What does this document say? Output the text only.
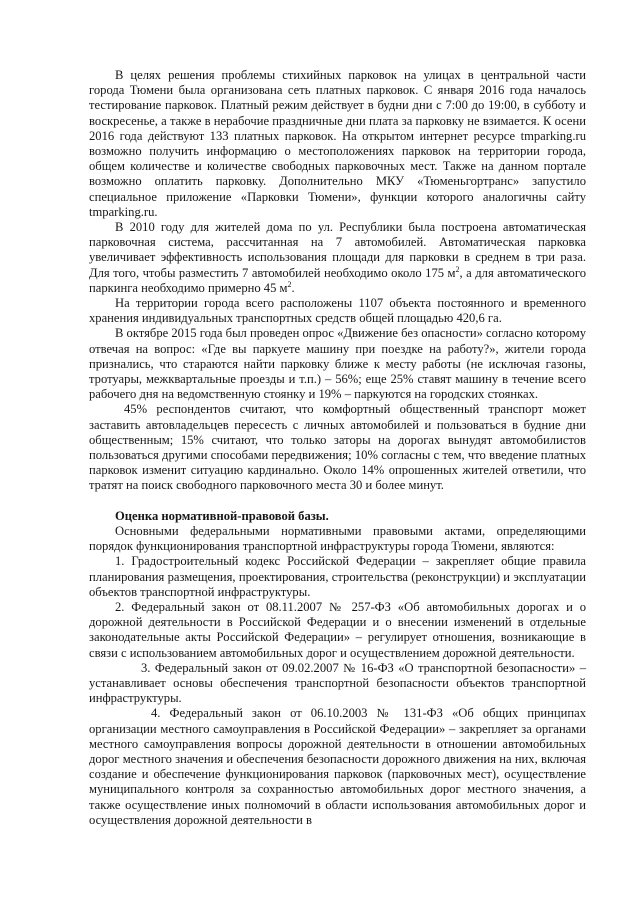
В целях решения проблемы стихийных парковок на улицах в центральной части города Тюмени была организована сеть платных парковок. С января 2016 года началось тестирование парковок. Платный режим действует в будни дни с 7:00 до 19:00, в субботу и воскресенье, а также в нерабочие праздничные дни плата за парковку не взимается. К осени 2016 года действуют 133 платных парковок. На открытом интернет ресурсе tmparking.ru возможно получить информацию о местоположениях парковок на территории города, общем количестве и количестве свободных парковочных мест. Также на данном портале возможно оплатить парковку. Дополнительно МКУ «Тюменьгортранс» запустило специальное приложение «Парковки Тюмени», функции которого аналогичны сайту tmparking.ru.

В 2010 году для жителей дома по ул. Республики была построена автоматическая парковочная система, рассчитанная на 7 автомобилей. Автоматическая парковка увеличивает эффективность использования площади для парковки в среднем в три раза. Для того, чтобы разместить 7 автомобилей необходимо около 175 $м^2$, а для автоматического паркинга необходимо примерно 45 $м^2$.

На территории города всего расположены 1107 объекта постоянного и временного хранения индивидуальных транспортных средств общей площадью 420,6 га.

В октябре 2015 года был проведен опрос «Движение без опасности» согласно которому отвечая на вопрос: «Где вы паркуете машину при поездке на работу?», жители города признались, что стараются найти парковку ближе к месту работы (не исключая газоны, тротуары, межквартальные проезды и т.п.) – 56%; еще 25% ставят машину в течение всего рабочего дня на ведомственную стоянку и 19% – паркуются на городских стоянках.

45% респондентов считают, что комфортный общественный транспорт может заставить автовладельцев пересесть с личных автомобилей и пользоваться в будние дни общественным; 15% считают, что только заторы на дорогах вынудят автомобилистов пользоваться другими способами передвижения; 10% согласны с тем, что введение платных парковок изменит ситуацию кардинально. Около 14% опрошенных жителей ответили, что тратят на поиск свободного парковочного места 30 и более минут.

Оценка нормативной-правовой базы.

Основными федеральными нормативными правовыми актами, определяющими порядок функционирования транспортной инфраструктуры города Тюмени, являются:

1. Градостроительный кодекс Российской Федерации – закрепляет общие правила планирования размещения, проектирования, строительства (реконструкции) и эксплуатации объектов транспортной инфраструктуры.

2. Федеральный закон от 08.11.2007 № 257-ФЗ «Об автомобильных дорогах и о дорожной деятельности в Российской Федерации и о внесении изменений в отдельные законодательные акты Российской Федерации» – регулирует отношения, возникающие в связи с использованием автомобильных дорог и осуществлением дорожной деятельности.

3. Федеральный закон от 09.02.2007 № 16-ФЗ «О транспортной безопасности» – устанавливает основы обеспечения транспортной безопасности объектов транспортной инфраструктуры.

4. Федеральный закон от 06.10.2003 № 131-ФЗ «Об общих принципах организации местного самоуправления в Российской Федерации» – закрепляет за органами местного самоуправления вопросы дорожной деятельности в отношении автомобильных дорог местного значения и обеспечения безопасности дорожного движения на них, включая создание и обеспечение функционирования парковок (парковочных мест), осуществление муниципального контроля за сохранностью автомобильных дорог местного значения, а также осуществление иных полномочий в области использования автомобильных дорог и осуществления дорожной деятельности в
